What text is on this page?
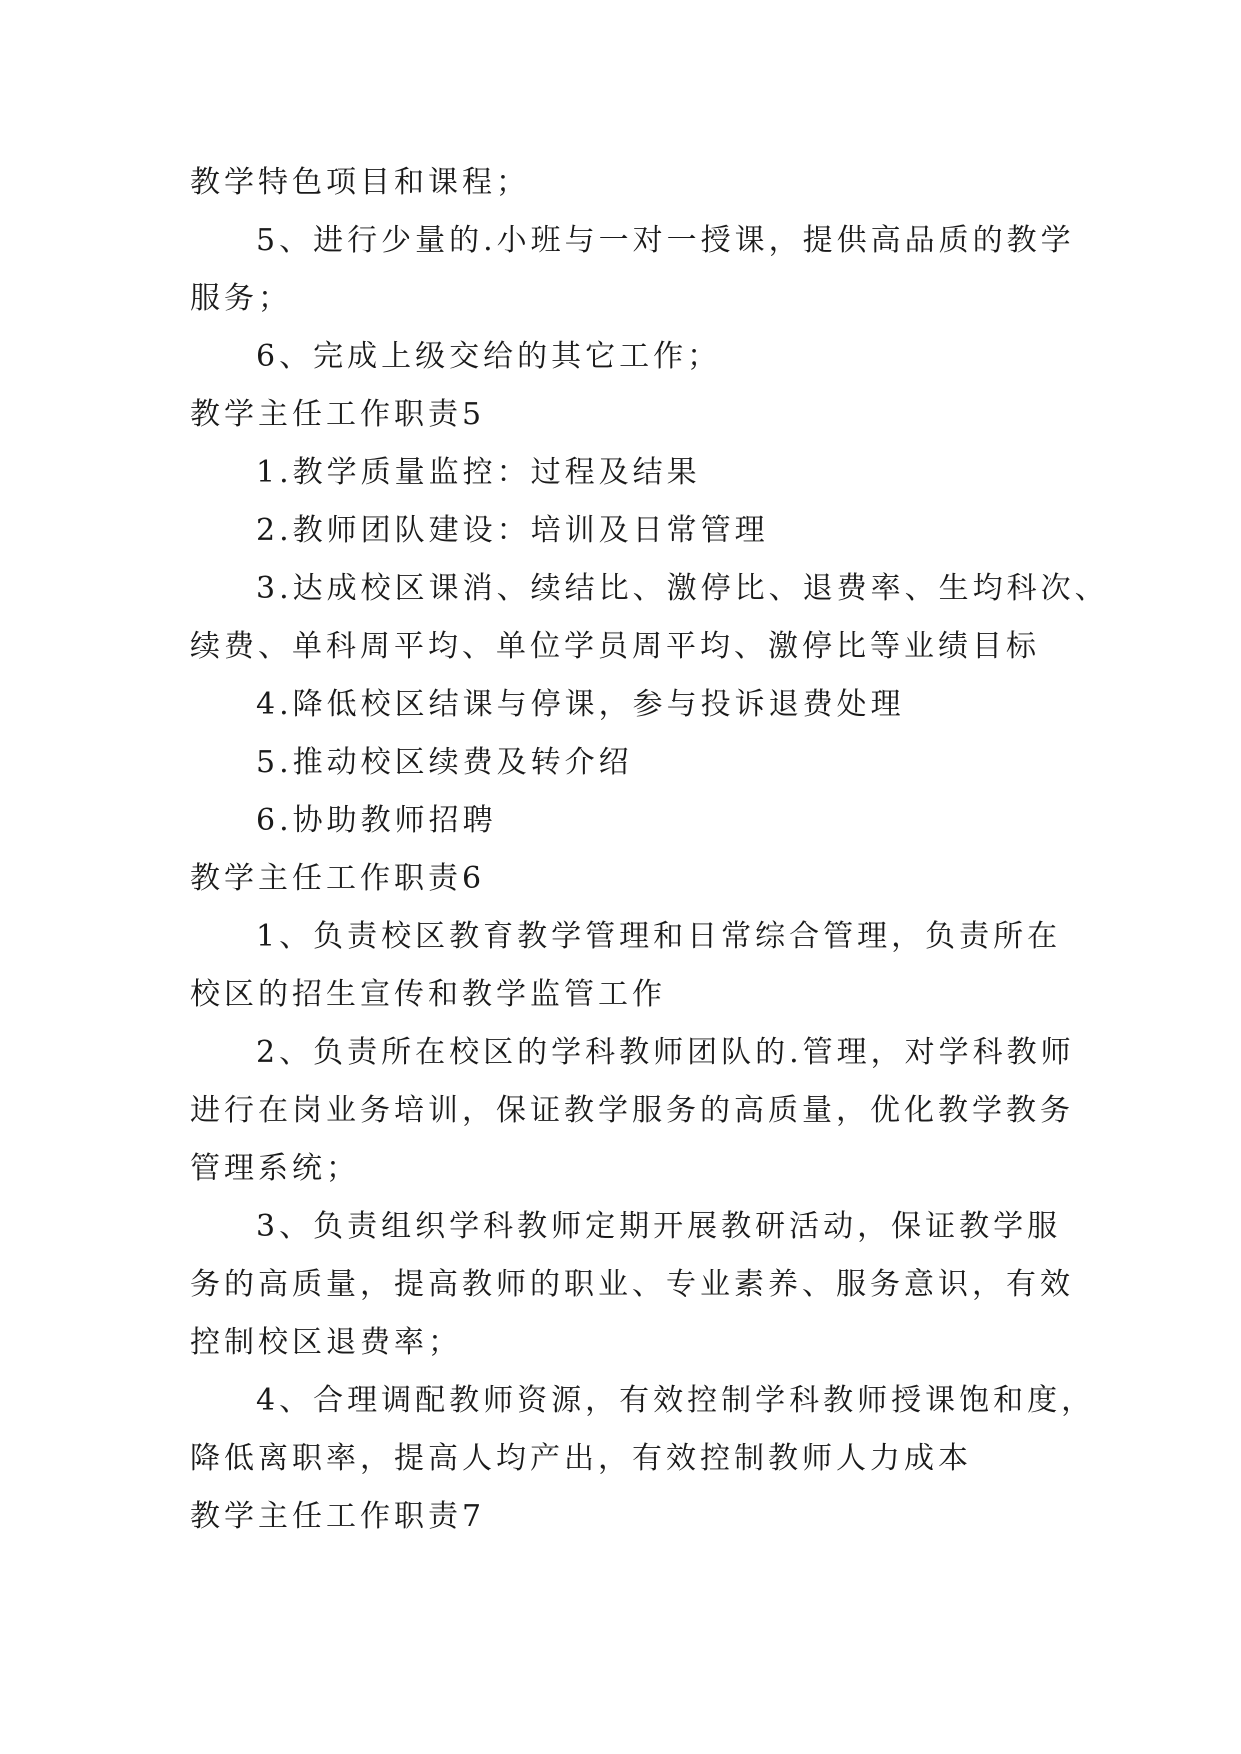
教学特色项目和课程；
5、进行少量的.小班与一对一授课，提供高品质的教学
服务；
6、完成上级交给的其它工作；
教学主任工作职责5
1.教学质量监控：过程及结果
2.教师团队建设：培训及日常管理
3.达成校区课消、续结比、激停比、退费率、生均科次、
续费、单科周平均、单位学员周平均、激停比等业绩目标
4.降低校区结课与停课，参与投诉退费处理
5.推动校区续费及转介绍
6.协助教师招聘
教学主任工作职责6
1、负责校区教育教学管理和日常综合管理，负责所在
校区的招生宣传和教学监管工作
2、负责所在校区的学科教师团队的.管理，对学科教师
进行在岗业务培训，保证教学服务的高质量，优化教学教务
管理系统；
3、负责组织学科教师定期开展教研活动，保证教学服
务的高质量，提高教师的职业、专业素养、服务意识，有效
控制校区退费率；
4、合理调配教师资源，有效控制学科教师授课饱和度，
降低离职率，提高人均产出，有效控制教师人力成本
教学主任工作职责7
